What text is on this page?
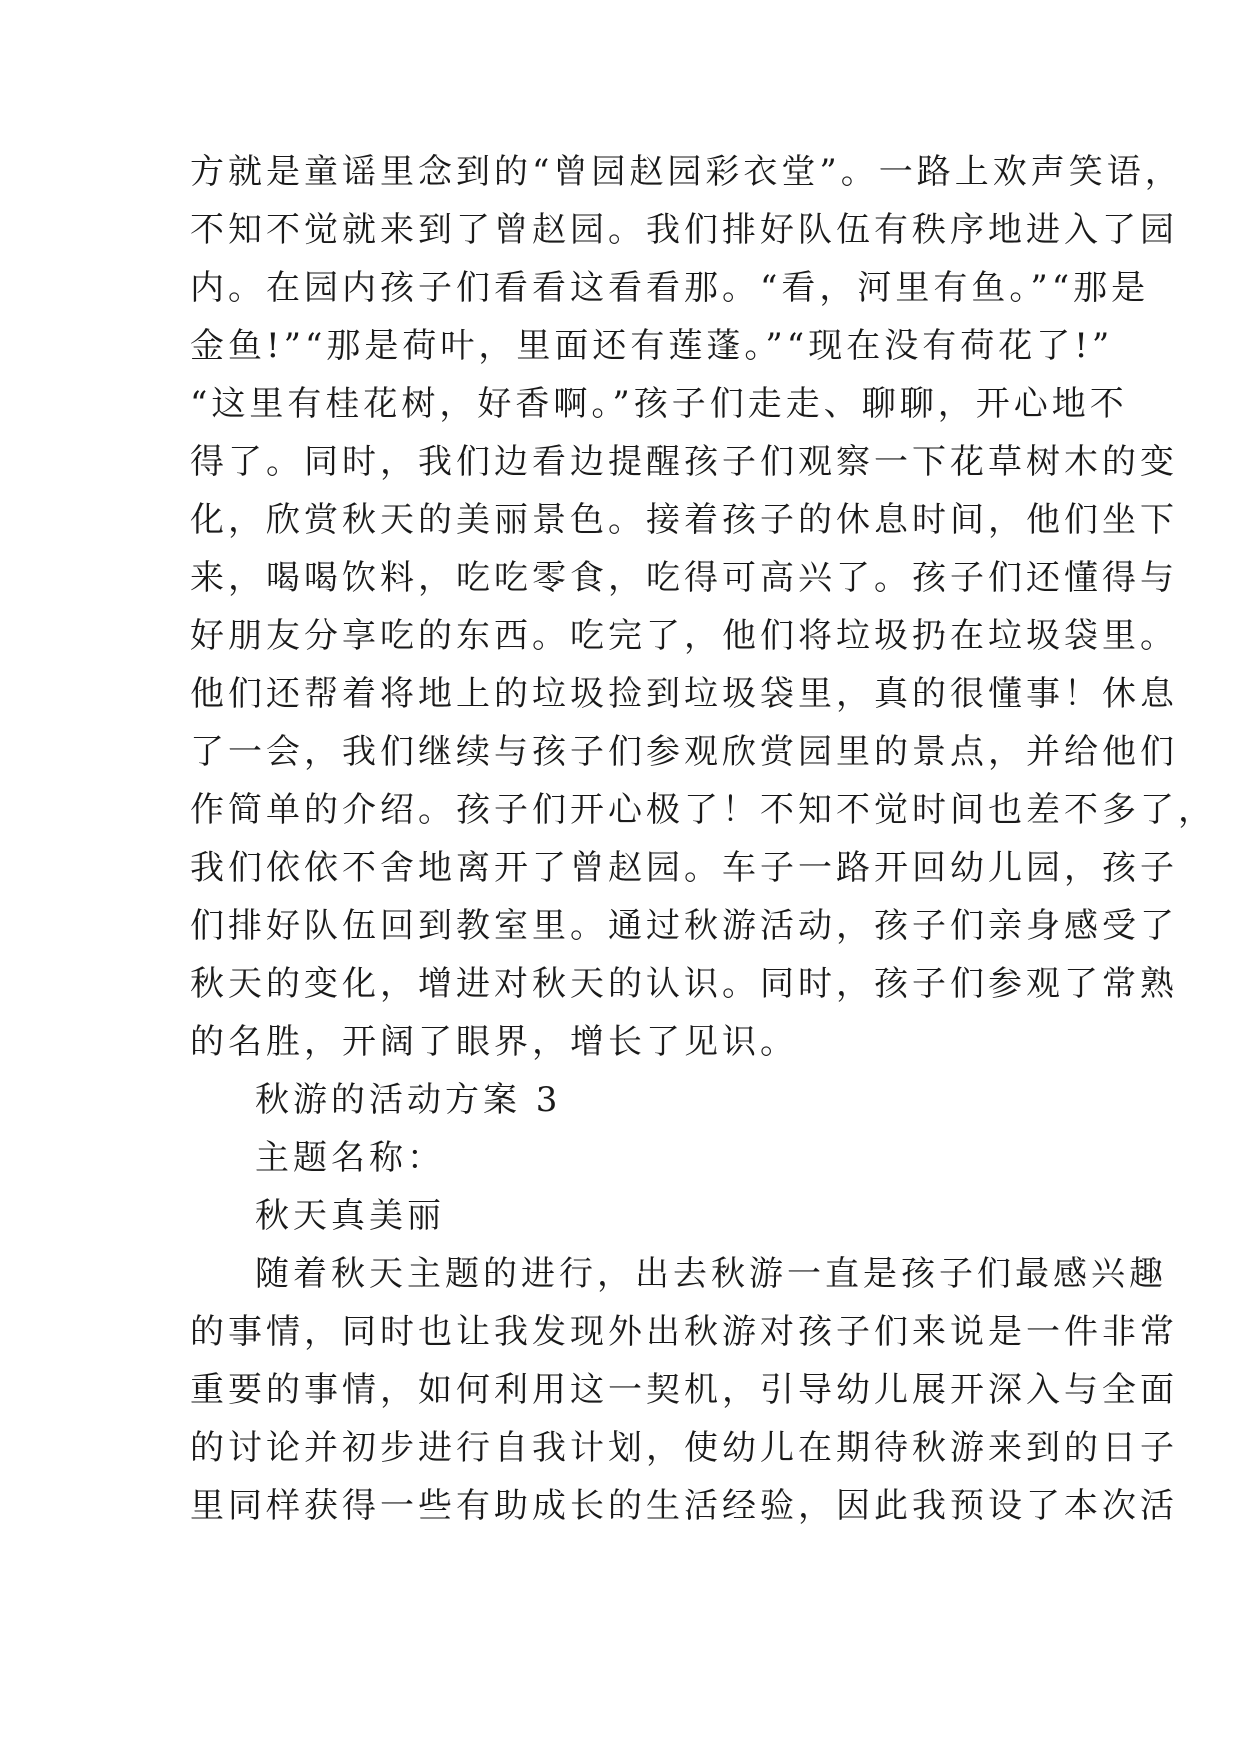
方就是童谣里念到的“曾园赵园彩衣堂”。一路上欢声笑语，
不知不觉就来到了曾赵园。我们排好队伍有秩序地进入了园
内。在园内孩子们看看这看看那。“看，河里有鱼。”“那是
金鱼!”“那是荷叶，里面还有莲蓬。”“现在没有荷花了!”
“这里有桂花树，好香啊。”孩子们走走、聊聊，开心地不
得了。同时，我们边看边提醒孩子们观察一下花草树木的变
化，欣赏秋天的美丽景色。接着孩子的休息时间，他们坐下
来，喝喝饮料，吃吃零食，吃得可高兴了。孩子们还懂得与
好朋友分享吃的东西。吃完了，他们将垃圾扔在垃圾袋里。
他们还帮着将地上的垃圾捡到垃圾袋里，真的很懂事！休息
了一会，我们继续与孩子们参观欣赏园里的景点，并给他们
作简单的介绍。孩子们开心极了！不知不觉时间也差不多了，
我们依依不舍地离开了曾赵园。车子一路开回幼儿园，孩子
们排好队伍回到教室里。通过秋游活动，孩子们亲身感受了
秋天的变化，增进对秋天的认识。同时，孩子们参观了常熟
的名胜，开阔了眼界，增长了见识。
秋游的活动方案 3
主题名称：
秋天真美丽
随着秋天主题的进行，出去秋游一直是孩子们最感兴趣
的事情，同时也让我发现外出秋游对孩子们来说是一件非常
重要的事情，如何利用这一契机，引导幼儿展开深入与全面
的讨论并初步进行自我计划，使幼儿在期待秋游来到的日子
里同样获得一些有助成长的生活经验，因此我预设了本次活
